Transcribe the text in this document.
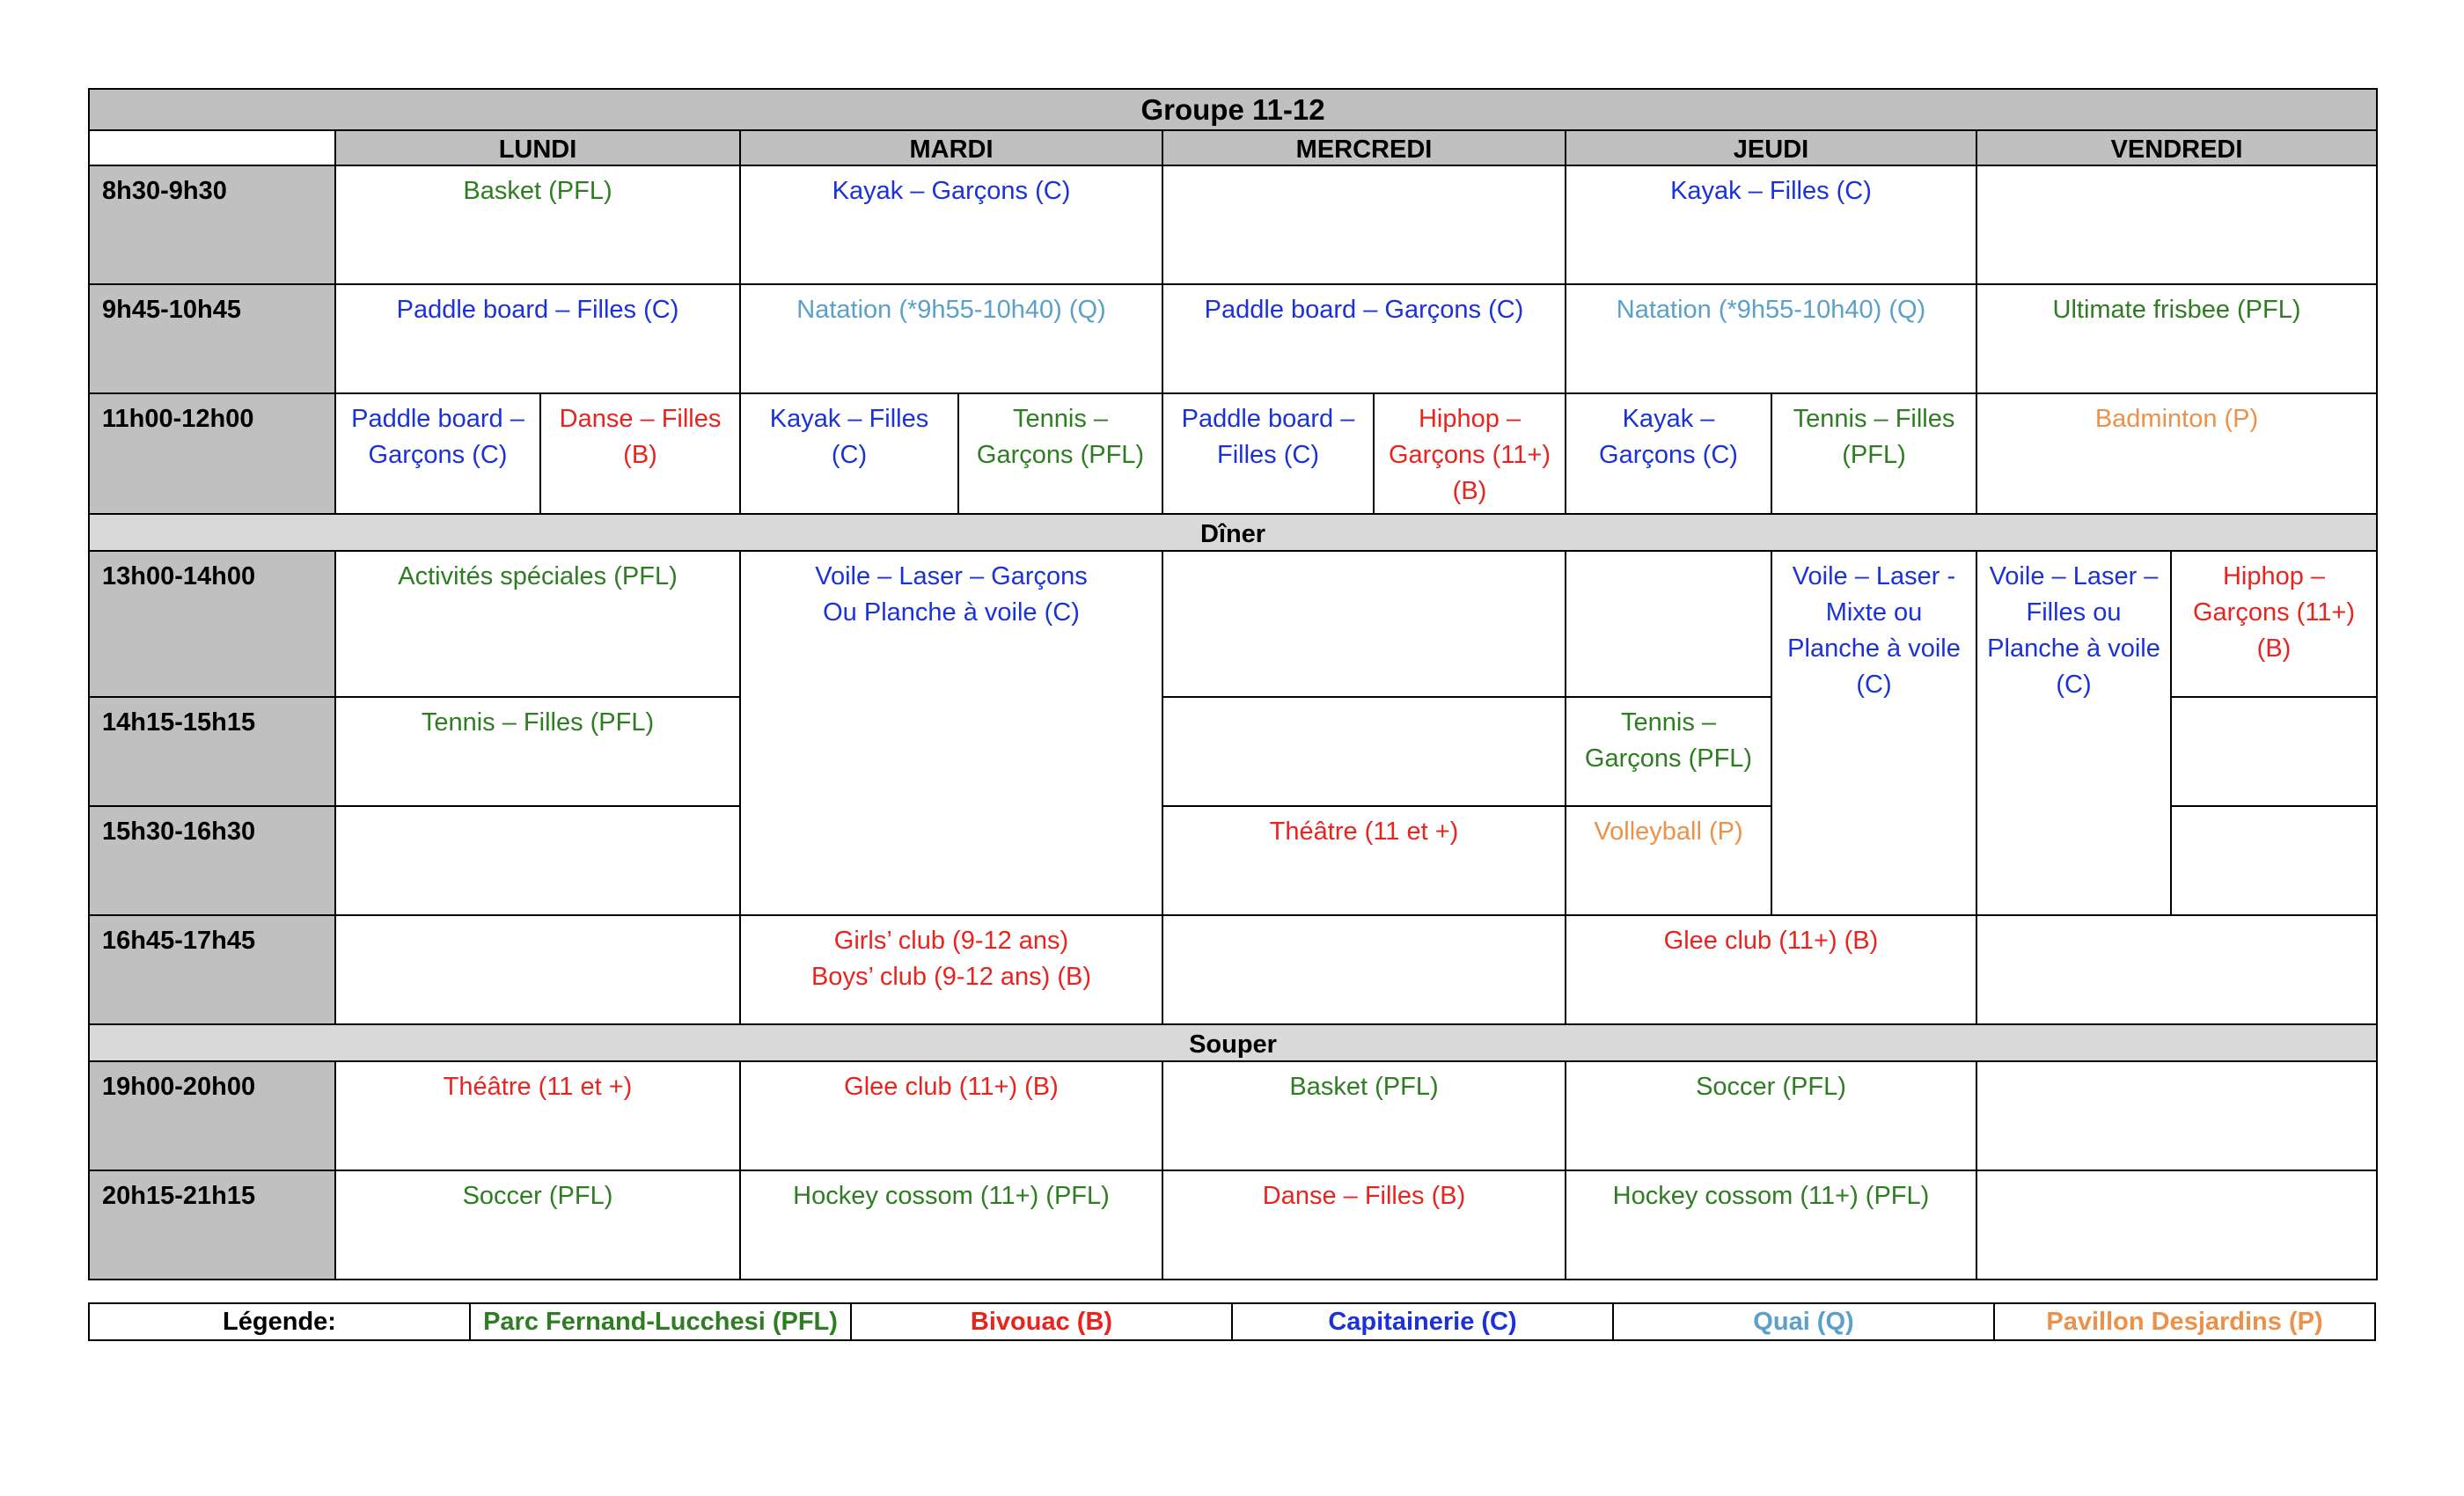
Groupe 11-12										
	LUNDI		MARDI		MERCREDI		JEUDI		VENDREDI	
8h30-9h30	Basket (PFL)		Kayak – Garçons (C)				Kayak – Filles (C)			
9h45-10h45	Paddle board – Filles (C)		Natation (*9h55-10h40) (Q)		Paddle board – Garçons (C)		Natation (*9h55-10h40) (Q)		Ultimate frisbee (PFL)	
11h00-12h00	Paddle board – Garçons (C)	Danse – Filles (B)	Kayak – Filles (C)	Tennis – Garçons (PFL)	Paddle board – Filles (C)	Hiphop – Garçons (11+) (B)	Kayak – Garçons (C)	Tennis – Filles (PFL)	Badminton (P)	
Dîner										
13h00-14h00	Activités spéciales (PFL)		Voile – Laser – Garçons
Ou Planche à voile (C)					Voile – Laser - Mixte ou Planche à voile (C)	Voile – Laser – Filles ou Planche à voile (C)	Hiphop – Garçons (11+) (B)
14h15-15h15	Tennis – Filles (PFL)						Tennis – Garçons (PFL)			
15h30-16h30					Théâtre (11 et +)		Volleyball (P)			
16h45-17h45			Girls’ club (9-12 ans)
Boys’ club (9-12 ans) (B)				Glee club (11+) (B)			
Souper										
19h00-20h00	Théâtre (11 et +)		Glee club (11+) (B)		Basket (PFL)		Soccer (PFL)			
20h15-21h15	Soccer (PFL)		Hockey cossom (11+) (PFL)		Danse – Filles (B)		Hockey cossom (11+) (PFL)			
Légende:	Parc Fernand-Lucchesi (PFL)	Bivouac (B)	Capitainerie (C)	Quai (Q)	Pavillon Desjardins (P)
